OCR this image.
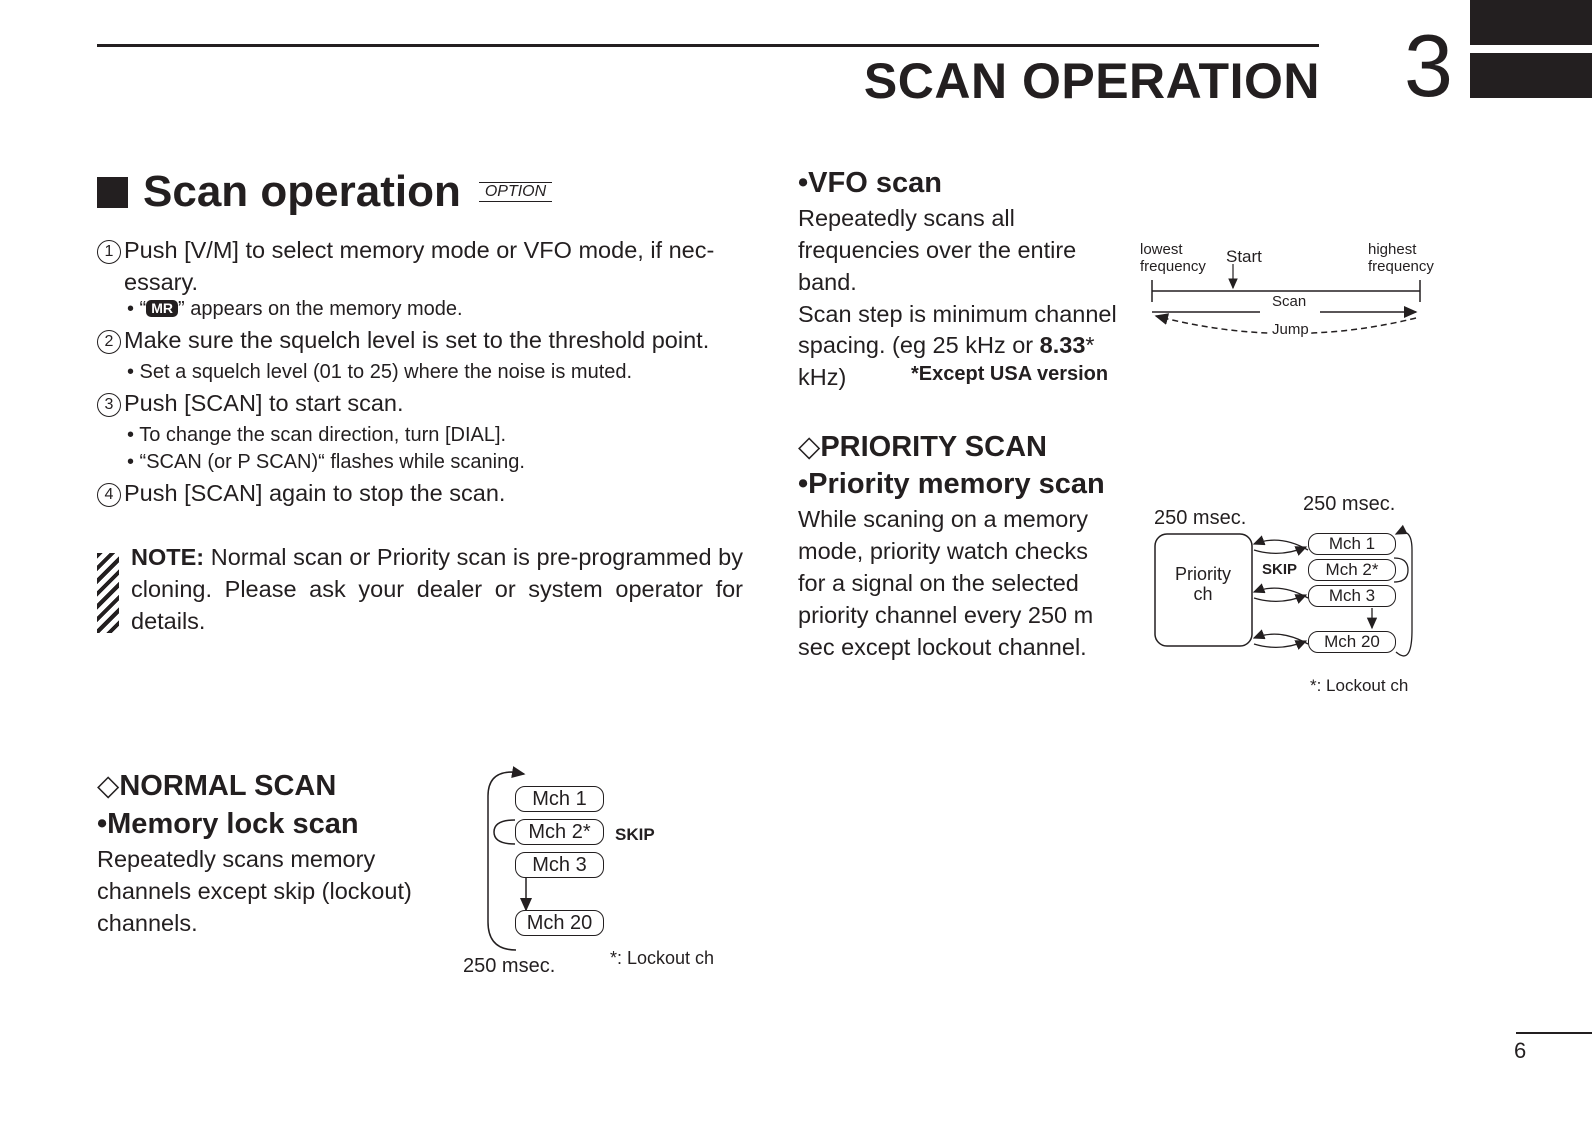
SCAN OPERATION 3
Scan operation	OPTION
1 Push [V/M] to select memory mode or VFO mode, if nec-
essary.
• “ MR ” appears on the memory mode.
2 Make sure the squelch level is set to the threshold point.
• Set a squelch level (01 to 25) where the noise is muted.
3 Push [SCAN] to start scan.
• To change the scan direction, turn [DIAL].
• “SCAN (or P SCAN)“ flashes while scaning.
4 Push [SCAN] again to stop the scan.
NOTE: Normal scan or Priority scan is pre-programmed by cloning. Please ask your dealer or system operator for details.
◇NORMAL SCAN
•Memory lock scan
Repeatedly scans memory
channels except skip (lockout)
channels.
Mch 1
Mch 2*
Mch 3
Mch 20
SKIP
250 msec.	*: Lockout ch
•VFO scan
Repeatedly scans all
frequencies over the entire
band.
Scan step is minimum channel
spacing. (eg 25 kHz or 8.33*
kHz)	*Except USA version
lowest
frequency
Start	highest
frequency
Scan
Jump
◇PRIORITY SCAN
•Priority memory scan
While scaning on a memory
mode, priority watch checks
for a signal on the selected
priority channel every 250 m
sec except lockout channel.
Priority
ch
250 msec.
250 msec.
SKIP
Mch 1
Mch 2*
Mch 3
Mch 20
*: Lockout ch
6
